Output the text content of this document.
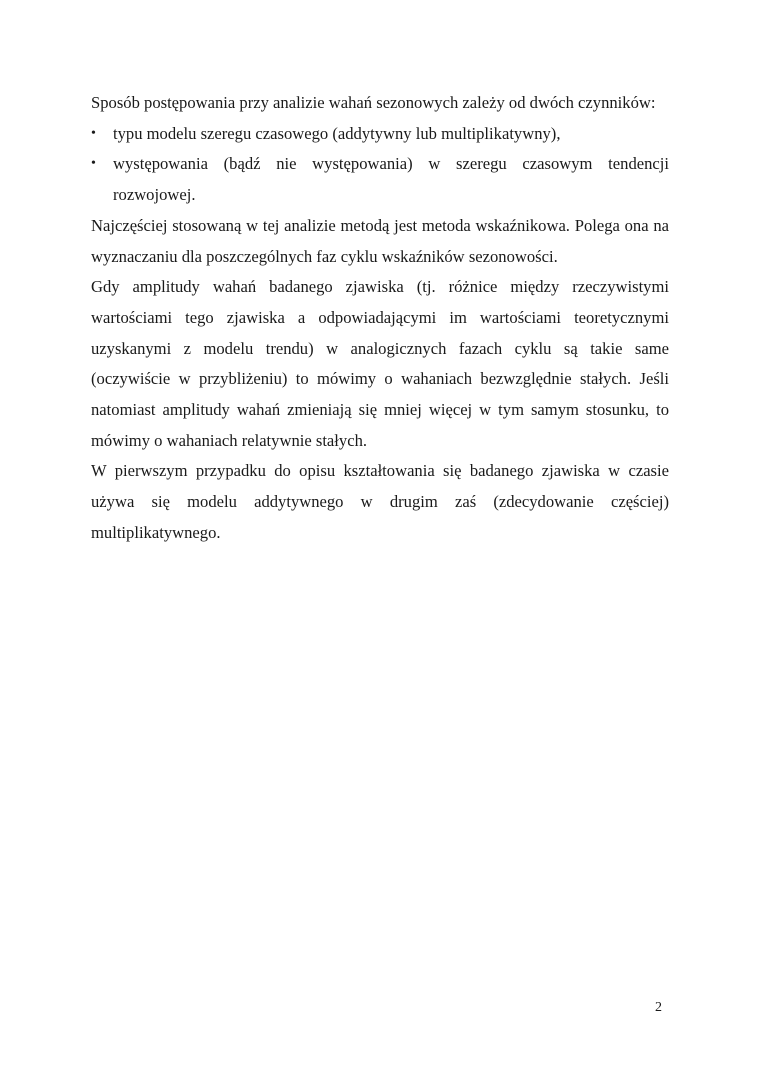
Sposób postępowania przy analizie wahań sezonowych zależy od dwóch czynników:

•	typu modelu szeregu czasowego (addytywny lub multiplikatywny),
•	występowania (bądź nie występowania) w szeregu czasowym tendencji rozwojowej.

Najczęściej stosowaną w tej analizie metodą jest metoda wskaźnikowa. Polega ona na wyznaczaniu dla poszczególnych faz cyklu wskaźników sezonowości.

Gdy amplitudy wahań badanego zjawiska (tj. różnice między rzeczywistymi wartościami tego zjawiska a odpowiadającymi im wartościami teoretycznymi uzyskanymi z modelu trendu) w analogicznych fazach cyklu są takie same (oczywiście w przybliżeniu) to mówimy o wahaniach bezwzględnie stałych. Jeśli natomiast amplitudy wahań zmieniają się mniej więcej w tym samym stosunku, to mówimy o wahaniach relatywnie stałych.

W pierwszym przypadku do opisu kształtowania się badanego zjawiska w czasie używa się modelu addytywnego w drugim zaś (zdecydowanie częściej) multiplikatywnego.

2
